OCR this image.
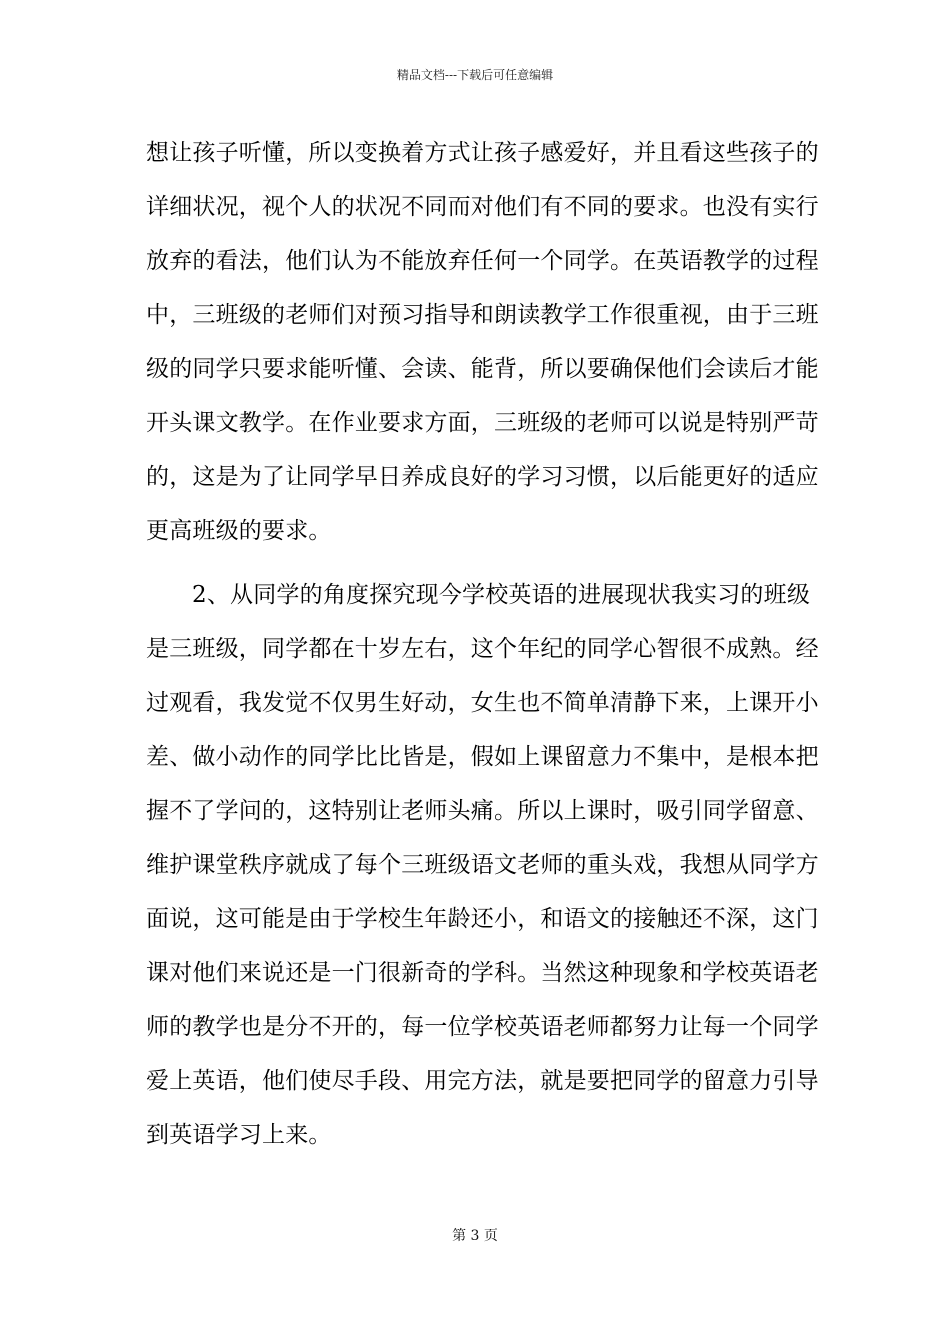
精品文档---下载后可任意编辑
想让孩子听懂，所以变换着方式让孩子感爱好，并且看这些孩子的
详细状况，视个人的状况不同而对他们有不同的要求。也没有实行
放弃的看法，他们认为不能放弃任何一个同学。在英语教学的过程
中，三班级的老师们对预习指导和朗读教学工作很重视，由于三班
级的同学只要求能听懂、会读、能背，所以要确保他们会读后才能
开头课文教学。在作业要求方面，三班级的老师可以说是特别严苛
的，这是为了让同学早日养成良好的学习习惯，以后能更好的适应
更高班级的要求。
2、从同学的角度探究现今学校英语的进展现状我实习的班级
是三班级，同学都在十岁左右，这个年纪的同学心智很不成熟。经
过观看，我发觉不仅男生好动，女生也不简单清静下来，上课开小
差、做小动作的同学比比皆是，假如上课留意力不集中，是根本把
握不了学问的，这特别让老师头痛。所以上课时，吸引同学留意、
维护课堂秩序就成了每个三班级语文老师的重头戏，我想从同学方
面说，这可能是由于学校生年龄还小，和语文的接触还不深，这门
课对他们来说还是一门很新奇的学科。当然这种现象和学校英语老
师的教学也是分不开的，每一位学校英语老师都努力让每一个同学
爱上英语，他们使尽手段、用完方法，就是要把同学的留意力引导
到英语学习上来。
第 3 页
